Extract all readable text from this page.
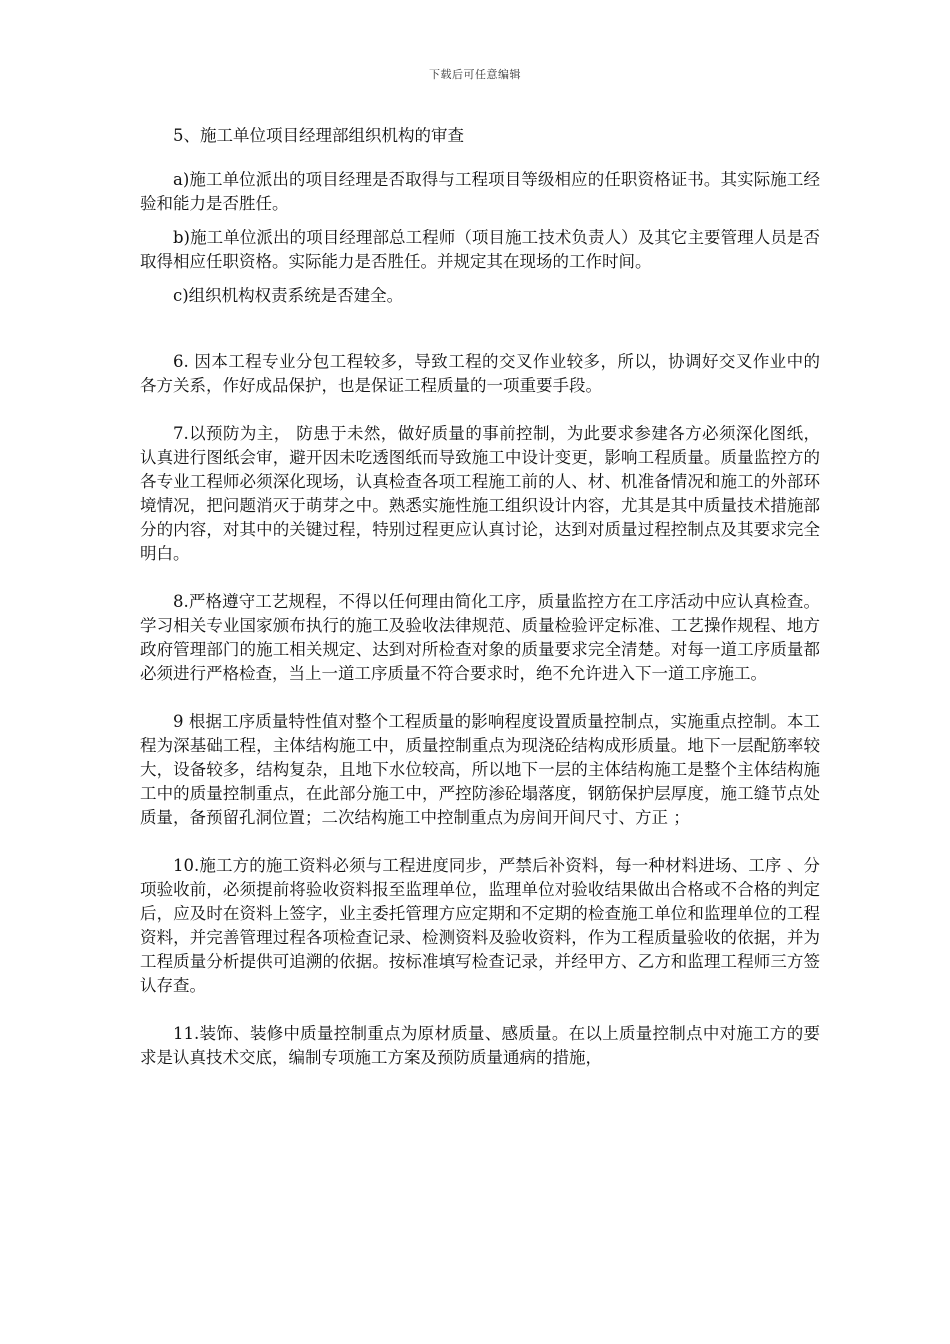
下载后可任意编辑

5、施工单位项目经理部组织机构的审查

a)施工单位派出的项目经理是否取得与工程项目等级相应的任职资格证书。其实际施工经验和能力是否胜任。

b)施工单位派出的项目经理部总工程师（项目施工技术负责人）及其它主要管理人员是否取得相应任职资格。实际能力是否胜任。并规定其在现场的工作时间。

c)组织机构权责系统是否建全。

6. 因本工程专业分包工程较多，导致工程的交叉作业较多，所以，协调好交叉作业中的各方关系，作好成品保护，也是保证工程质量的一项重要手段。

7.以预防为主， 防患于未然，做好质量的事前控制，为此要求参建各方必须深化图纸，认真进行图纸会审，避开因未吃透图纸而导致施工中设计变更，影响工程质量。质量监控方的各专业工程师必须深化现场，认真检查各项工程施工前的人、材、机准备情况和施工的外部环境情况，把问题消灭于萌芽之中。熟悉实施性施工组织设计内容，尤其是其中质量技术措施部分的内容，对其中的关键过程，特别过程更应认真讨论，达到对质量过程控制点及其要求完全明白。

8.严格遵守工艺规程，不得以任何理由简化工序，质量监控方在工序活动中应认真检查。学习相关专业国家颁布执行的施工及验收法律规范、质量检验评定标准、工艺操作规程、地方政府管理部门的施工相关规定、达到对所检查对象的质量要求完全清楚。对每一道工序质量都必须进行严格检查，当上一道工序质量不符合要求时，绝不允许进入下一道工序施工。

9 根据工序质量特性值对整个工程质量的影响程度设置质量控制点，实施重点控制。本工程为深基础工程，主体结构施工中，质量控制重点为现浇砼结构成形质量。地下一层配筋率较大，设备较多，结构复杂，且地下水位较高，所以地下一层的主体结构施工是整个主体结构施工中的质量控制重点，在此部分施工中，严控防渗砼塌落度，钢筋保护层厚度，施工缝节点处质量，备预留孔洞位置；二次结构施工中控制重点为房间开间尺寸、方正 ；

10.施工方的施工资料必须与工程进度同步，严禁后补资料，每一种材料进场、工序 、分项验收前，必须提前将验收资料报至监理单位，监理单位对验收结果做出合格或不合格的判定后，应及时在资料上签字，业主委托管理方应定期和不定期的检查施工单位和监理单位的工程资料，并完善管理过程各项检查记录、检测资料及验收资料，作为工程质量验收的依据，并为工程质量分析提供可追溯的依据。按标准填写检查记录，并经甲方、乙方和监理工程师三方签认存查。

11.装饰、装修中质量控制重点为原材质量、感质量。在以上质量控制点中对施工方的要求是认真技术交底，编制专项施工方案及预防质量通病的措施，
